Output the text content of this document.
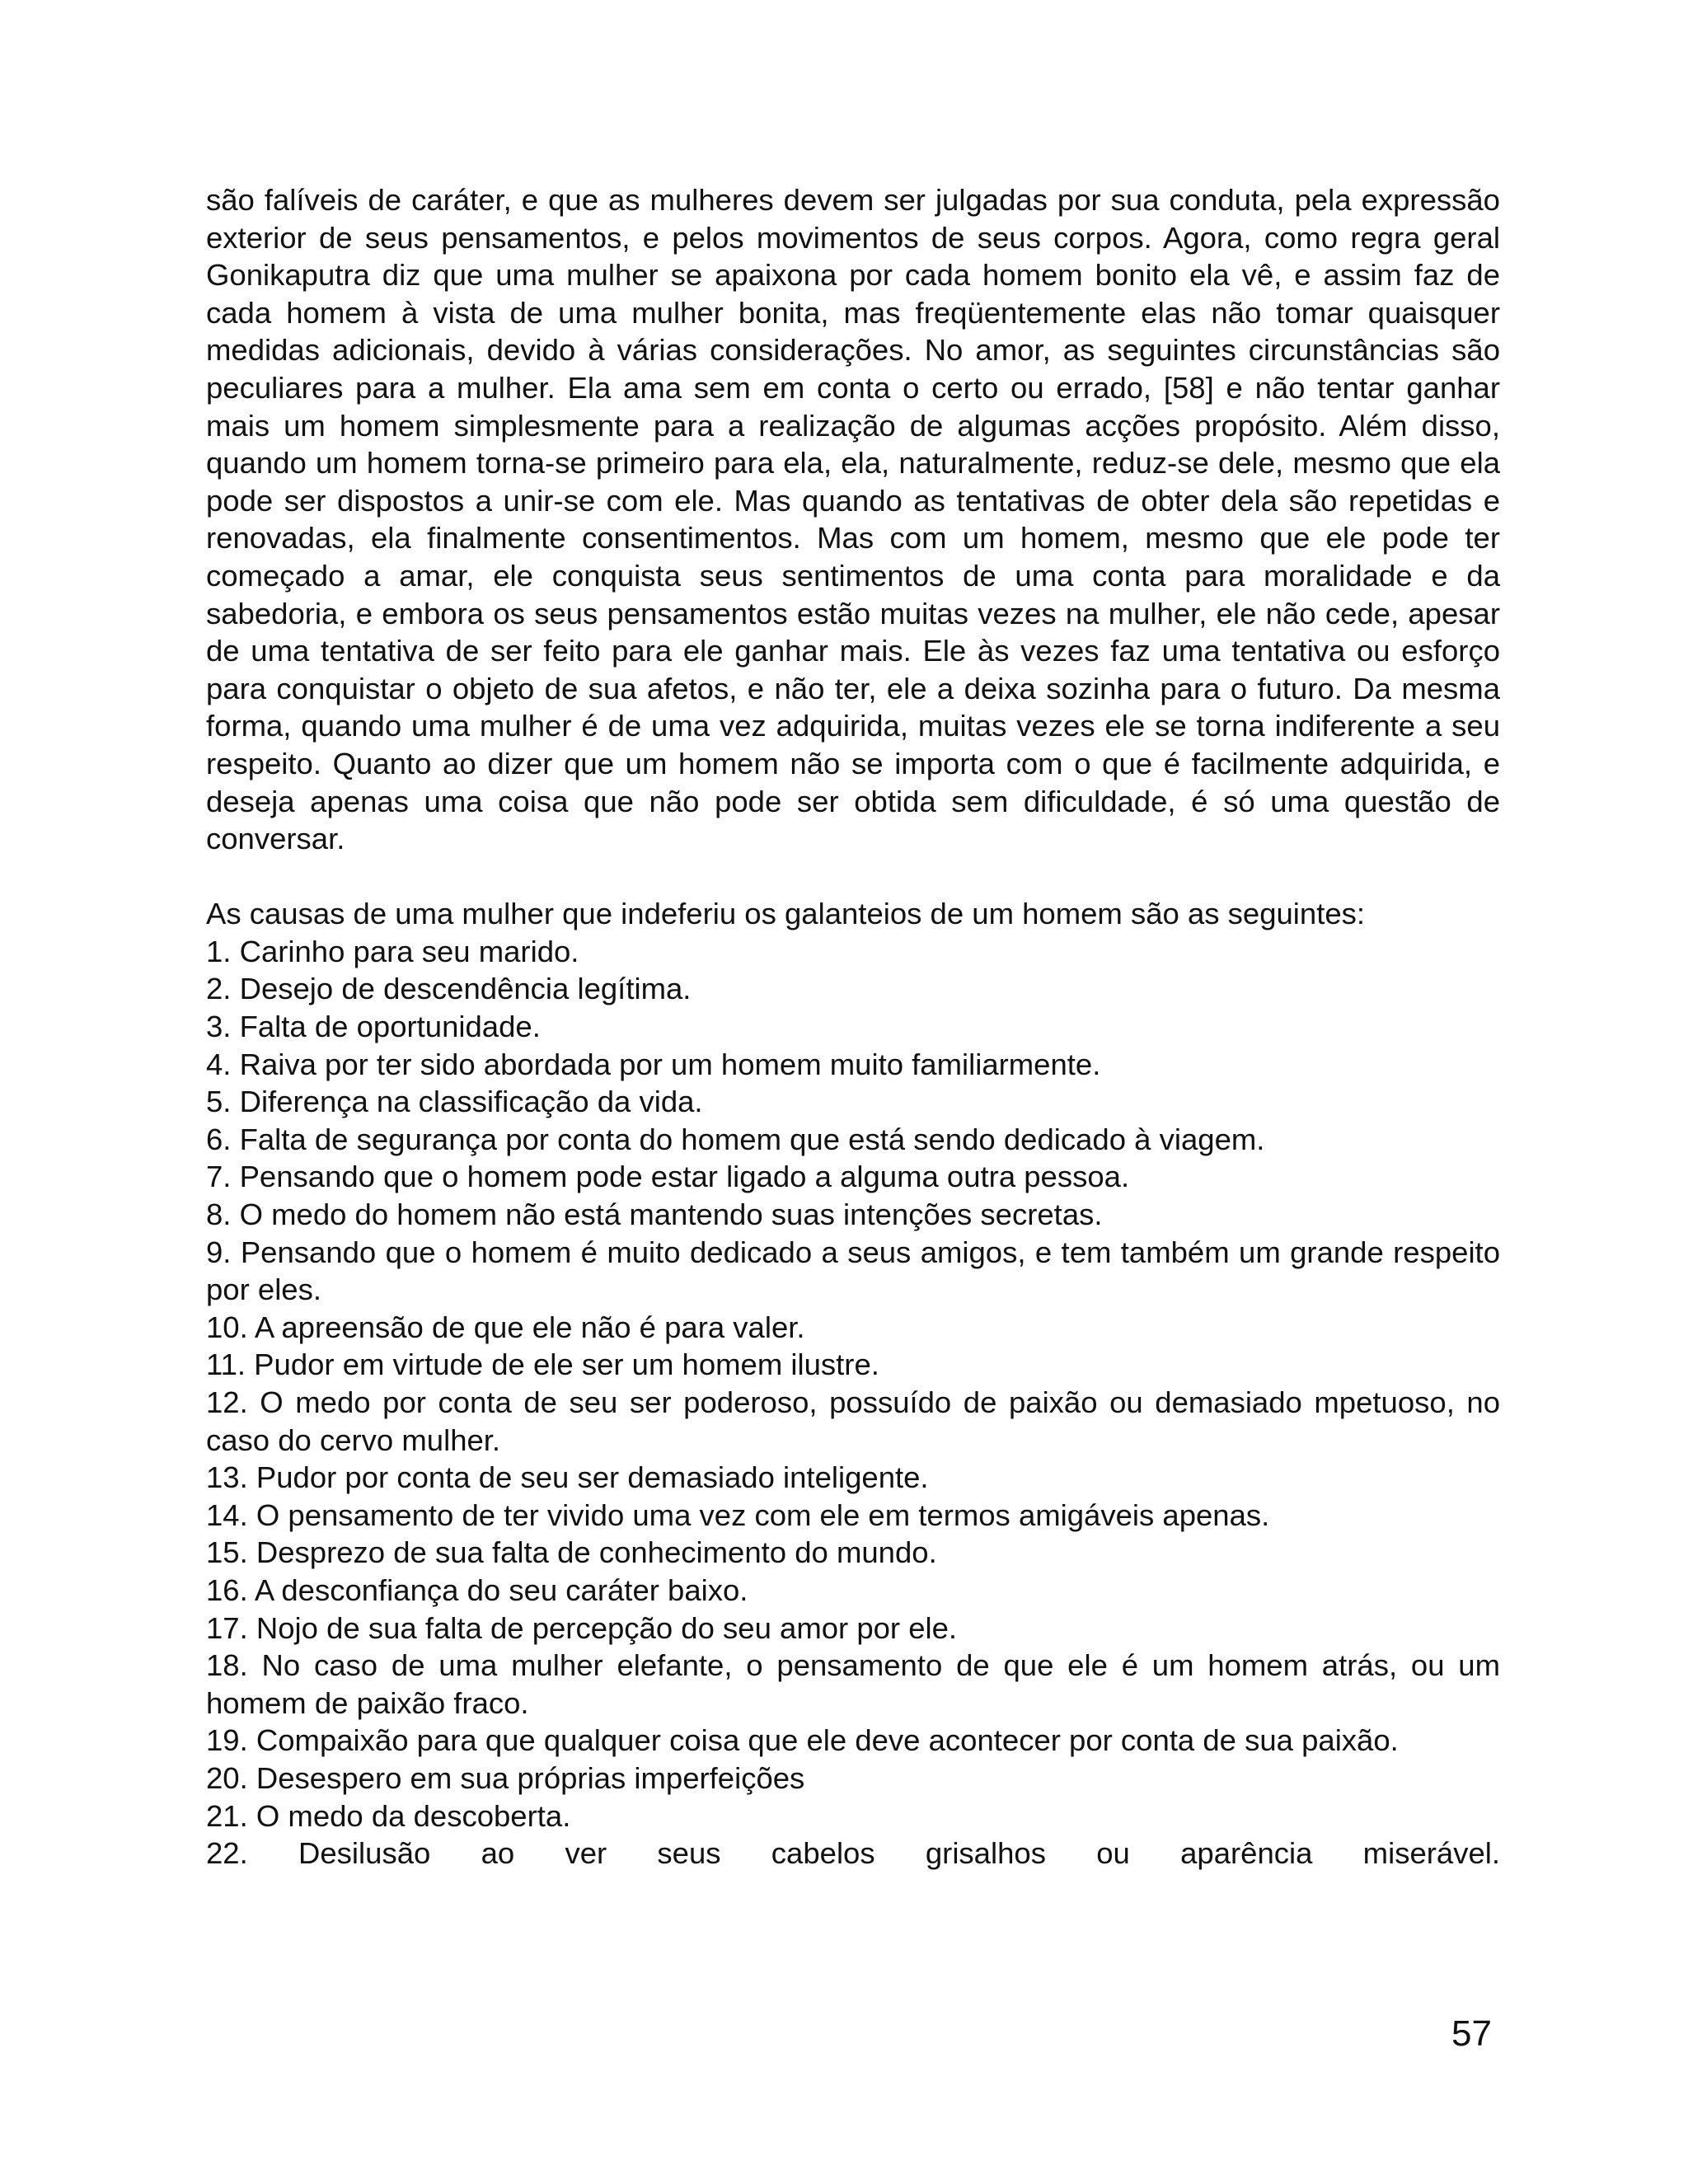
são falíveis de caráter, e que as mulheres devem ser julgadas por sua conduta, pela expressão exterior de seus pensamentos, e pelos movimentos de seus corpos. Agora, como regra geral Gonikaputra diz que uma mulher se apaixona por cada homem bonito ela vê, e assim faz de cada homem à vista de uma mulher bonita, mas freqüentemente elas não tomar quaisquer medidas adicionais, devido à várias considerações. No amor, as seguintes circunstâncias são peculiares para a mulher. Ela ama sem em conta o certo ou errado, [58] e não tentar ganhar mais um homem simplesmente para a realização de algumas acções propósito. Além disso, quando um homem torna-se primeiro para ela, ela, naturalmente, reduz-se dele, mesmo que ela pode ser dispostos a unir-se com ele. Mas quando as tentativas de obter dela são repetidas e renovadas, ela finalmente consentimentos. Mas com um homem, mesmo que ele pode ter começado a amar, ele conquista seus sentimentos de uma conta para moralidade e da sabedoria, e embora os seus pensamentos estão muitas vezes na mulher, ele não cede, apesar de uma tentativa de ser feito para ele ganhar mais. Ele às vezes faz uma tentativa ou esforço para conquistar o objeto de sua afetos, e não ter, ele a deixa sozinha para o futuro. Da mesma forma, quando uma mulher é de uma vez adquirida, muitas vezes ele se torna indiferente a seu respeito. Quanto ao dizer que um homem não se importa com o que é facilmente adquirida, e deseja apenas uma coisa que não pode ser obtida sem dificuldade, é só uma questão de conversar.

As causas de uma mulher que indeferiu os galanteios de um homem são as seguintes:

1. Carinho para seu marido.
2. Desejo de descendência legítima.
3. Falta de oportunidade.
4. Raiva por ter sido abordada por um homem muito familiarmente.
5. Diferença na classificação da vida.
6. Falta de segurança por conta do homem que está sendo dedicado à viagem.
7. Pensando que o homem pode estar ligado a alguma outra pessoa.
8. O medo do homem não está mantendo suas intenções secretas.
9. Pensando que o homem é muito dedicado a seus amigos, e tem também um grande respeito por eles.
10. A apreensão de que ele não é para valer.
11. Pudor em virtude de ele ser um homem ilustre.
12. O medo por conta de seu ser poderoso, possuído de paixão ou demasiado mpetuoso, no caso do cervo mulher.
13. Pudor por conta de seu ser demasiado inteligente.
14. O pensamento de ter vivido uma vez com ele em termos amigáveis apenas.
15. Desprezo de sua falta de conhecimento do mundo.
16. A desconfiança do seu caráter baixo.
17. Nojo de sua falta de percepção do seu amor por ele.
18. No caso de uma mulher elefante, o pensamento de que ele é um homem atrás, ou um homem de paixão fraco.
19. Compaixão para que qualquer coisa que ele deve acontecer por conta de sua paixão.
20. Desespero em sua próprias imperfeições
21. O medo da descoberta.
22. Desilusão ao ver seus cabelos grisalhos ou aparência miserável.
57
